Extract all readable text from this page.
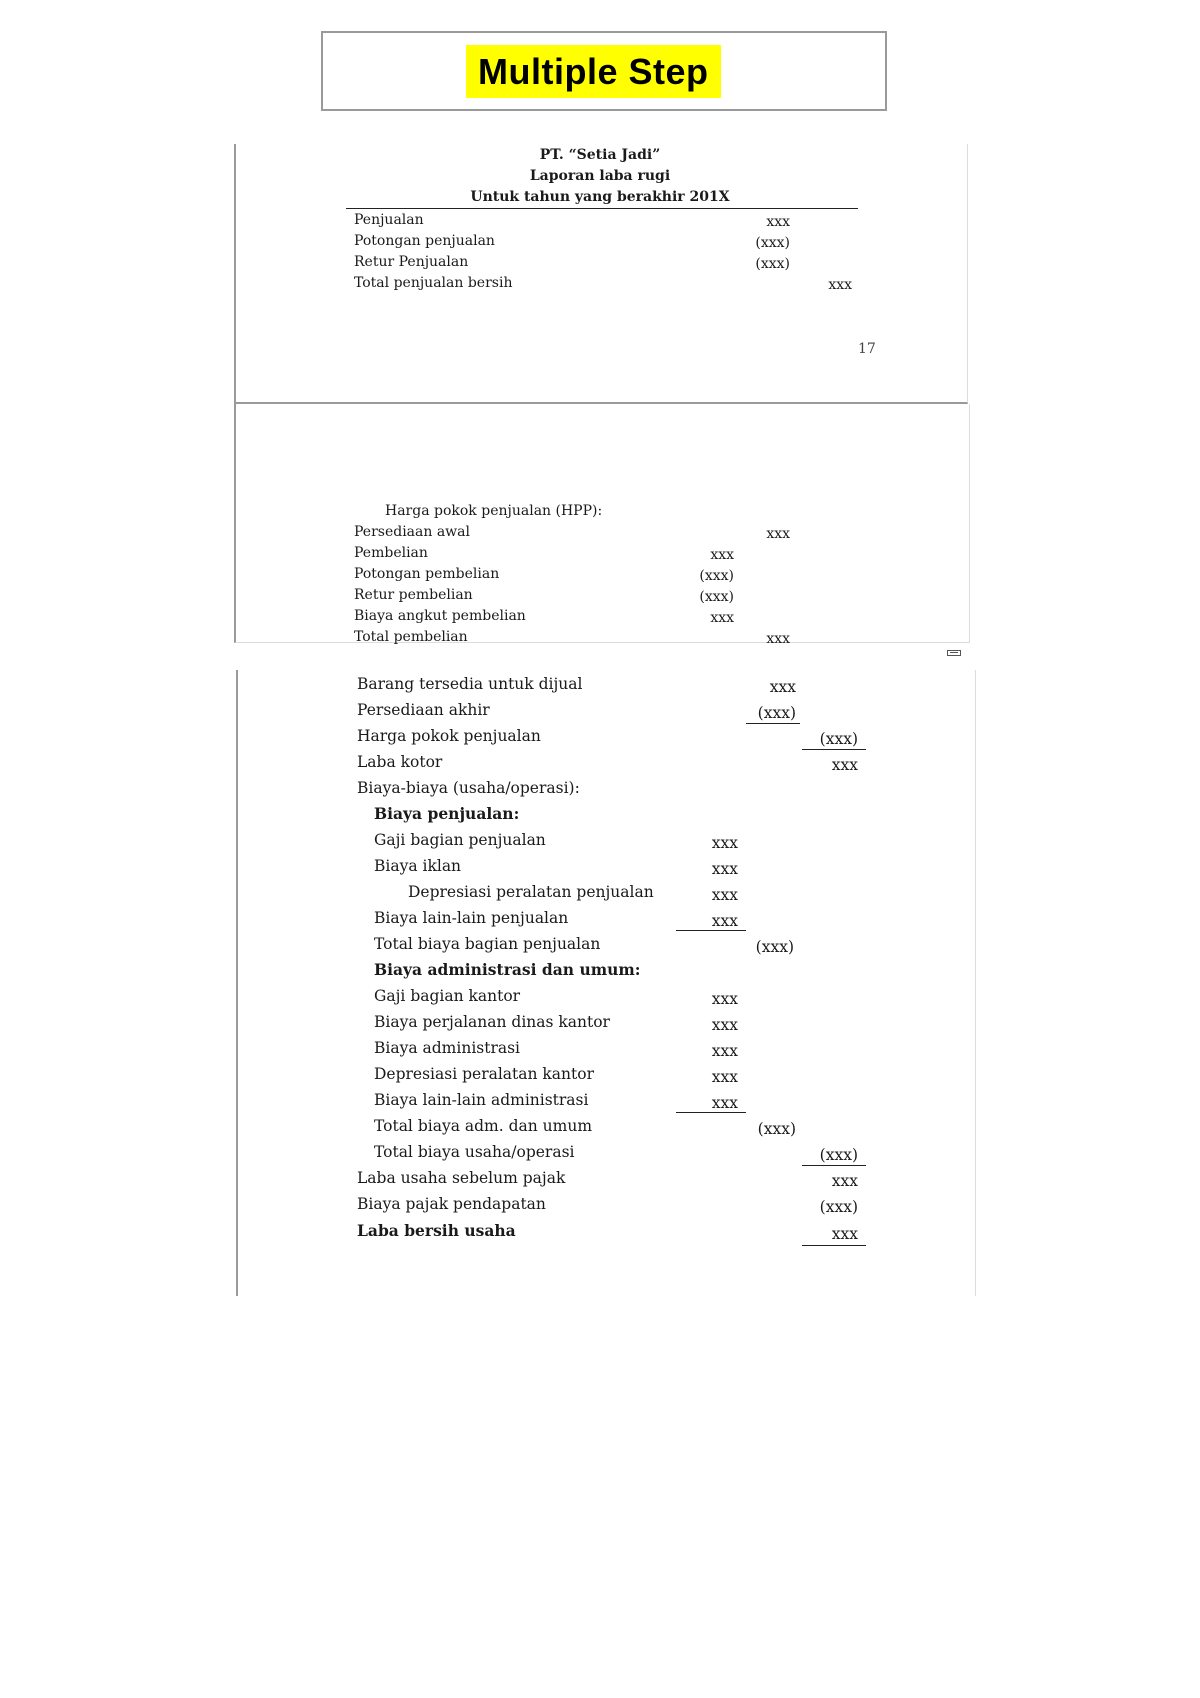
Multiple Step
PT. “Setia Jadi”
Laporan laba rugi
Untuk tahun yang berakhir 201X
Penjualan	xxx
Potongan penjualan	(xxx)
Retur Penjualan	(xxx)
Total penjualan bersih	xxx
17
Harga pokok penjualan (HPP):
Persediaan awal	xxx
Pembelian	xxx
Potongan pembelian	(xxx)
Retur pembelian	(xxx)
Biaya angkut pembelian	xxx
Total pembelian	xxx
Barang tersedia untuk dijual	xxx
Persediaan akhir	(xxx)
Harga pokok penjualan	(xxx)
Laba kotor	xxx
Biaya-biaya (usaha/operasi):
Biaya penjualan:
Gaji bagian penjualan	xxx
Biaya iklan	xxx
Depresiasi peralatan penjualan	xxx
Biaya lain-lain penjualan	xxx
Total biaya bagian penjualan	(xxx)
Biaya administrasi dan umum:
Gaji bagian kantor	xxx
Biaya perjalanan dinas kantor	xxx
Biaya administrasi	xxx
Depresiasi peralatan kantor	xxx
Biaya lain-lain administrasi	xxx
Total biaya adm. dan umum	(xxx)
Total biaya usaha/operasi	(xxx)
Laba usaha sebelum pajak	xxx
Biaya pajak pendapatan	(xxx)
Laba bersih usaha	xxx
